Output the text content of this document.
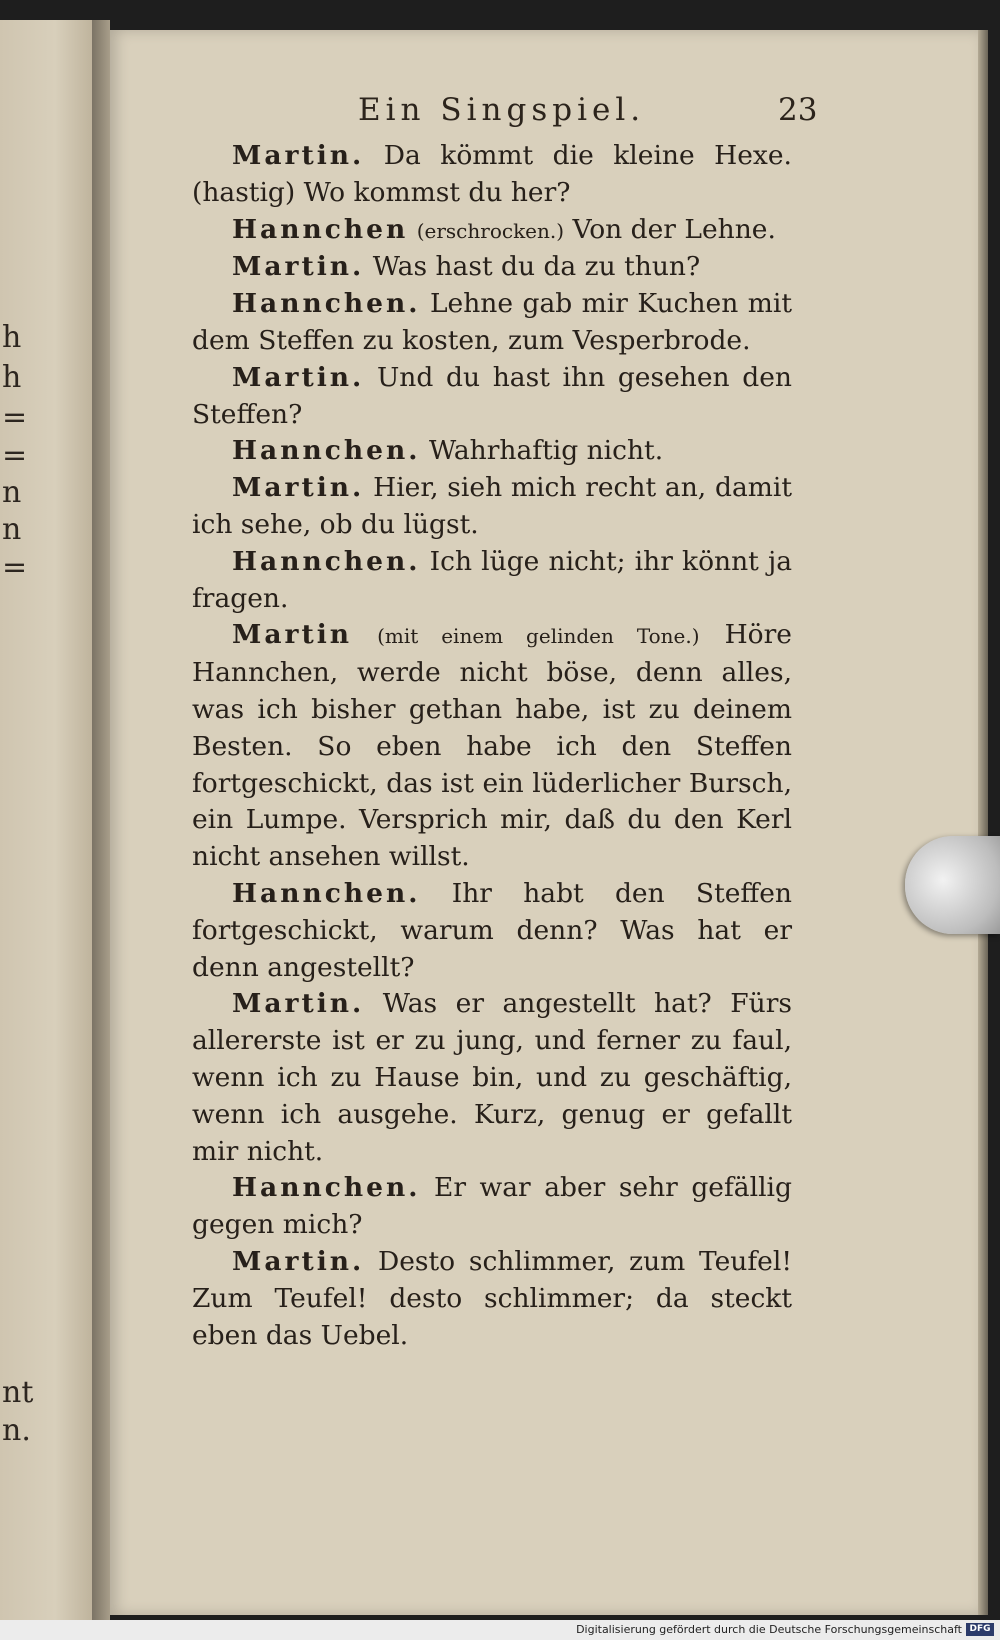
h
h
=
=
n
n
=
nt
n.
Ein Singspiel.	23

Martin. Da kömmt die kleine Hexe. (hastig) Wo kommst du her?

Hannchen (erschrocken.) Von der Lehne.

Martin. Was hast du da zu thun?

Hannchen. Lehne gab mir Kuchen mit dem Steffen zu kosten, zum Vesperbrode.

Martin. Und du hast ihn gesehen den Steffen?

Hannchen. Wahrhaftig nicht.

Martin. Hier, sieh mich recht an, damit ich sehe, ob du lügst.

Hannchen. Ich lüge nicht; ihr könnt ja fragen.

Martin (mit einem gelinden Tone.) Höre Hannchen, werde nicht böse, denn alles, was ich bisher gethan habe, ist zu deinem Besten. So eben habe ich den Steffen fortgeschickt, das ist ein lüderlicher Bursch, ein Lumpe. Versprich mir, daß du den Kerl nicht ansehen willst.

Hannchen. Ihr habt den Steffen fortgeschickt, warum denn? Was hat er denn angestellt?

Martin. Was er angestellt hat? Fürs allererste ist er zu jung, und ferner zu faul, wenn ich zu Hause bin, und zu geschäftig, wenn ich ausgehe. Kurz, genug er gefallt mir nicht.

Hannchen. Er war aber sehr gefällig gegen mich?

Martin. Desto schlimmer, zum Teufel! Zum Teufel! desto schlimmer; da steckt eben das Uebel.

Digitalisierung gefördert durch die Deutsche Forschungsgemeinschaft DFG
